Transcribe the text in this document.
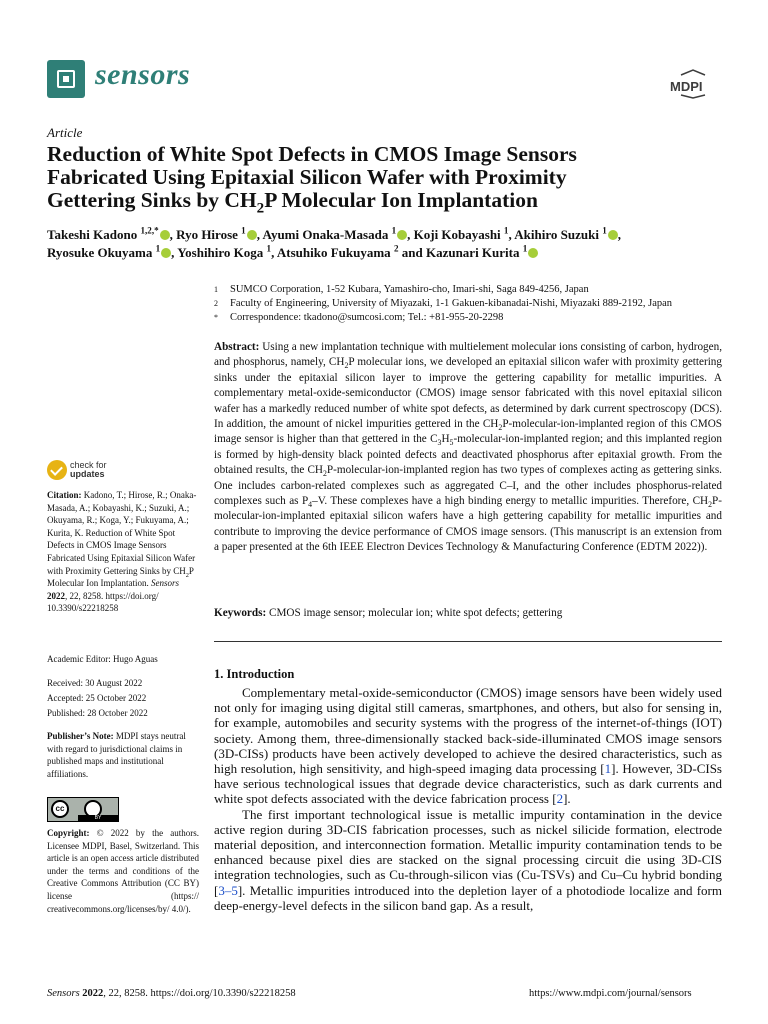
sensors	MDPI
Article
Reduction of White Spot Defects in CMOS Image Sensors
Fabricated Using Epitaxial Silicon Wafer with Proximity
Gettering Sinks by $CH_2P$ Molecular Ion Implantation
Takeshi Kadono $^{1,2,*}$ , Ryo Hirose $^1$ , Ayumi Onaka-Masada $^1$ , Koji Kobayashi $^1$, Akihiro Suzuki $^1$ ,
Ryosuke Okuyama $^1$ , Yoshihiro Koga $^1$, Atsuhiko Fukuyama $^2$ and Kazunari Kurita $^1$
1	SUMCO Corporation, 1-52 Kubara, Yamashiro-cho, Imari-shi, Saga 849-4256, Japan
2	Faculty of Engineering, University of Miyazaki, 1-1 Gakuen-kibanadai-Nishi, Miyazaki 889-2192, Japan
*	Correspondence: tkadono@sumcosi.com; Tel.: +81-955-20-2298
Abstract: Using a new implantation technique with multielement molecular ions consisting of carbon, hydrogen, and phosphorus, namely, $CH_2P$ molecular ions, we developed an epitaxial silicon wafer with proximity gettering sinks under the epitaxial silicon layer to improve the gettering capability for metallic impurities. A complementary metal-oxide-semiconductor (CMOS) image sensor fabricated with this novel epitaxial silicon wafer has a markedly reduced number of white spot defects, as determined by dark current spectroscopy (DCS). In addition, the amount of nickel impurities gettered in the $CH_2P-molecular-ion$-implanted region of this CMOS image sensor is higher than that gettered in the $C_3H_5-molecular-ion$-implanted region; and this implanted region is formed by high-density black pointed defects and deactivated phosphorus after epitaxial growth. From the obtained results, the $CH_2P-molecular-ion$-implanted region has two types of complexes acting as gettering sinks. One includes carbon-related complexes such as aggregated C–I, and the other includes phosphorus-related complexes such as $P_4-V$. These complexes have a high binding energy to metallic impurities. Therefore, $CH_2P-molecular-ion$-implanted epitaxial silicon wafers have a high gettering capability for metallic impurities and contribute to improving the device performance of CMOS image sensors. (This manuscript is an extension from a paper presented at the 6th IEEE Electron Devices Technology & Manufacturing Conference (EDTM 2022)).
Keywords: CMOS image sensor; molecular ion; white spot defects; gettering
check for
updates
Citation: Kadono, T.; Hirose, R.; Onaka-Masada, A.; Kobayashi, K.; Suzuki, A.; Okuyama, R.; Koga, Y.; Fukuyama, A.; Kurita, K. Reduction of White Spot Defects in CMOS Image Sensors Fabricated Using Epitaxial Silicon Wafer with Proximity Gettering Sinks by $CH_2P$ Molecular Ion Implantation. Sensors 2022, 22, 8258. https://doi.org/ 10.3390/s22218258
Academic Editor: Hugo Aguas
Received: 30 August 2022
Accepted: 25 October 2022
Published: 28 October 2022
Publisher’s Note: MDPI stays neutral with regard to jurisdictional claims in published maps and institutional affiliations.
cc
BY
Copyright: © 2022 by the authors. Licensee MDPI, Basel, Switzerland. This article is an open access article distributed under the terms and conditions of the Creative Commons Attribution (CC BY) license (https:// creativecommons.org/licenses/by/ 4.0/).
1. Introduction

Complementary metal-oxide-semiconductor (CMOS) image sensors have been widely used not only for imaging using digital still cameras, smartphones, and others, but also for sensing in, for example, automobiles and security systems with the progress of the internet-of-things (IOT) society. Among them, three-dimensionally stacked back-side-illuminated CMOS image sensors (3D-CISs) products have been actively developed to achieve the desired characteristics, such as high resolution, high sensitivity, and high-speed imaging data processing [1]. However, 3D-CISs have serious technological issues that degrade device characteristics, such as dark currents and white spot defects associated with the device fabrication process [2].

The first important technological issue is metallic impurity contamination in the device active region during 3D-CIS fabrication processes, such as nickel silicide formation, electrode material deposition, and interconnection formation. Metallic impurity contamination tends to be enhanced because pixel dies are stacked on the signal processing circuit die using 3D-CIS integration technologies, such as Cu-through-silicon vias (Cu-TSVs) and Cu–Cu hybrid bonding [3–5]. Metallic impurities introduced into the depletion layer of a photodiode localize and form deep-energy-level defects in the silicon band gap. As a result,

Sensors 2022, 22, 8258. https://doi.org/10.3390/s22218258	https://www.mdpi.com/journal/sensors
